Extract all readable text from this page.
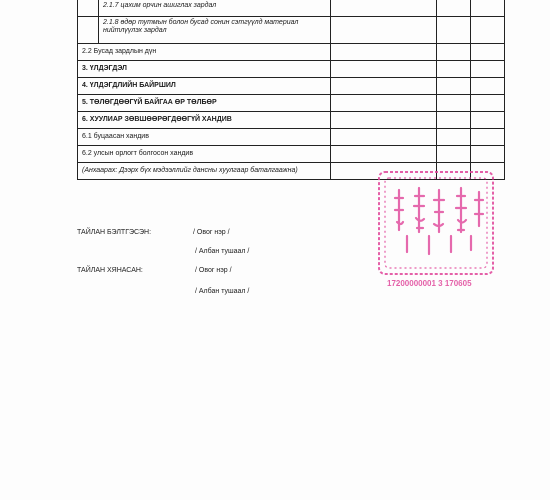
2.1.7 цахим орчин ашиглах зардал			

2.1.8 өдөр тутмын болон бусад сонин сэтгүүлд материал нийтлүүлэх зардал			

2.2 Бусад зардлын дүн			
3. ҮЛДЭГДЭЛ			
4. ҮЛДЭГДЛИЙН БАЙРШИЛ			
5. ТӨЛӨГДӨӨГҮЙ БАЙГАА ӨР ТӨЛБӨР			
6. ХУУЛИАР ЗӨВШӨӨРӨГДӨӨГҮЙ ХАНДИВ			
6.1 буцаасан хандив			
6.2 улсын орлогт болгосон хандив			
(Анхаарах: Дээрх бүх мэдээллийг дансны хуулгаар баталгаажна)			
ТАЙЛАН БЭЛТГЭСЭН:	/ Овог нэр /
/ Албан тушаал /
ТАЙЛАН ХЯНАСАН:	/ Овог нэр /
/ Албан тушаал /
17200000001 3 170605
